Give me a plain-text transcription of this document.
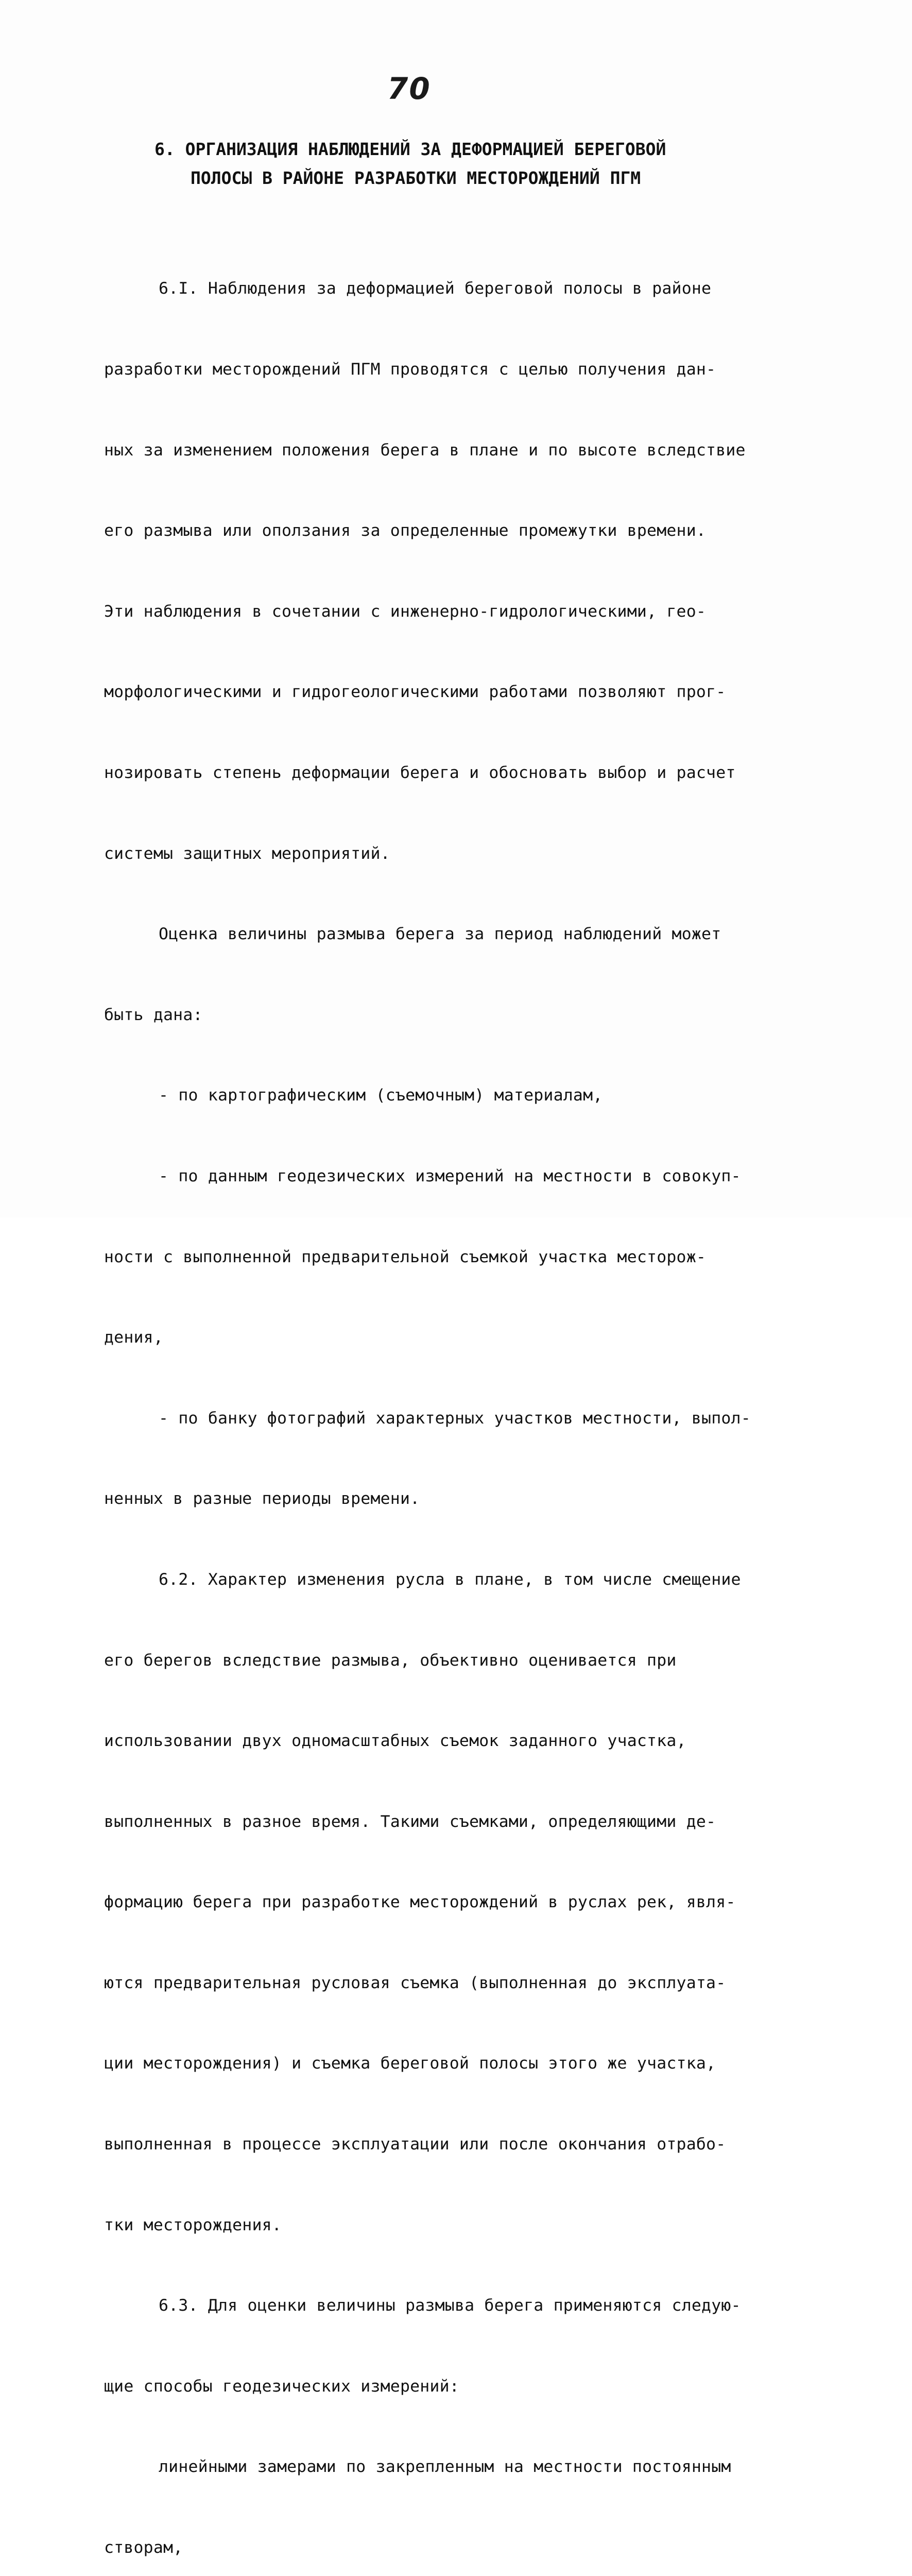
70
6. ОРГАНИЗАЦИЯ НАБЛЮДЕНИЙ ЗА ДЕФОРМАЦИЕЙ БЕРЕГОВОЙ
ПОЛОСЫ В РАЙОНЕ РАЗРАБОТКИ МЕСТОРОЖДЕНИЙ ПГМ

6.I. Наблюдения за деформацией береговой полосы в районе

разработки месторождений ПГМ проводятся с целью получения дан-

ных за изменением положения берега в плане и по высоте вследствие

его размыва или оползания за определенные промежутки времени.

Эти наблюдения в сочетании с инженерно-гидрологическими, гео-

морфологическими и гидрогеологическими работами позволяют прог-

нозировать степень деформации берега и обосновать выбор и расчет

системы защитных мероприятий.

Оценка величины размыва берега за период наблюдений может

быть дана:

- по картографическим (съемочным) материалам,

- по данным геодезических измерений на местности в совокуп-

ности с выполненной предварительной съемкой участка месторож-

дения,

- по банку фотографий характерных участков местности, выпол-

ненных в разные периоды времени.

6.2. Характер изменения русла в плане, в том числе смещение

его берегов вследствие размыва, объективно оценивается при

использовании двух одномасштабных съемок заданного участка,

выполненных в разное время. Такими съемками, определяющими де-

формацию берега при разработке месторождений в руслах рек, явля-

ются предварительная русловая съемка (выполненная до эксплуата-

ции месторождения) и съемка береговой полосы этого же участка,

выполненная в процессе эксплуатации или после окончания отрабо-

тки месторождения.

6.3. Для оценки величины размыва берега применяются следую-

щие способы геодезических измерений:

линейными замерами по закрепленным на местности постоянным

створам,
